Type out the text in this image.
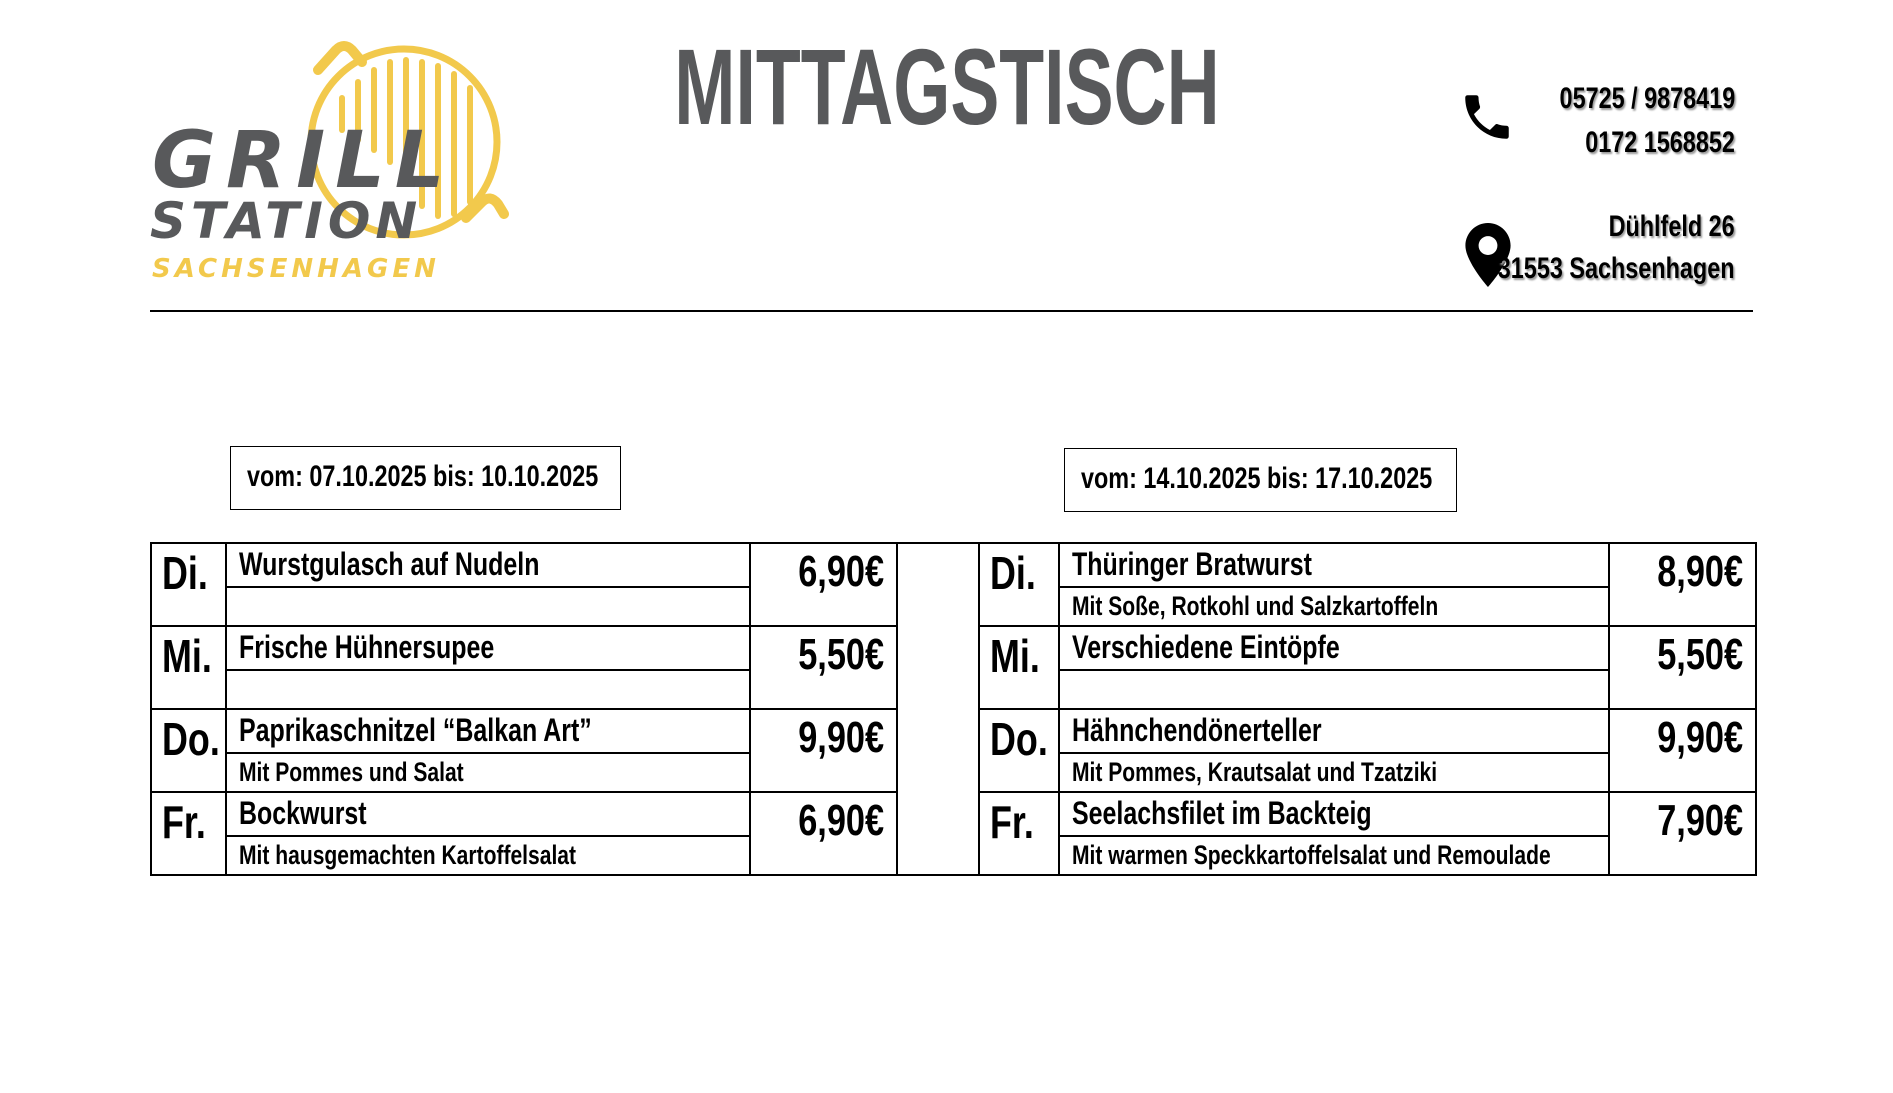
GRILL
STATION
SACHSENHAGEN
MITTAGSTISCH	05725 / 9878419
0172 1568852
Dühlfeld 26
31553 Sachsenhagen
vom: 07.10.2025 bis: 10.10.2025	vom: 14.10.2025 bis: 17.10.2025
Di.	Wurstgulasch auf Nudeln	6,90€		Di.	Thüringer Bratwurst	8,90€
					Mit Soße, Rotkohl und Salzkartoffeln	
Mi.	Frische Hühnersupee	5,50€		Mi.	Verschiedene Eintöpfe	5,50€

Do.	Paprikaschnitzel “Balkan Art”	9,90€		Do.	Hähnchendönerteller	9,90€
	Mit Pommes und Salat				Mit Pommes, Krautsalat und Tzatziki	
Fr.	Bockwurst	6,90€		Fr.	Seelachsfilet im Backteig	7,90€
	Mit hausgemachten Kartoffelsalat				Mit warmen Speckkartoffelsalat und Remoulade	
